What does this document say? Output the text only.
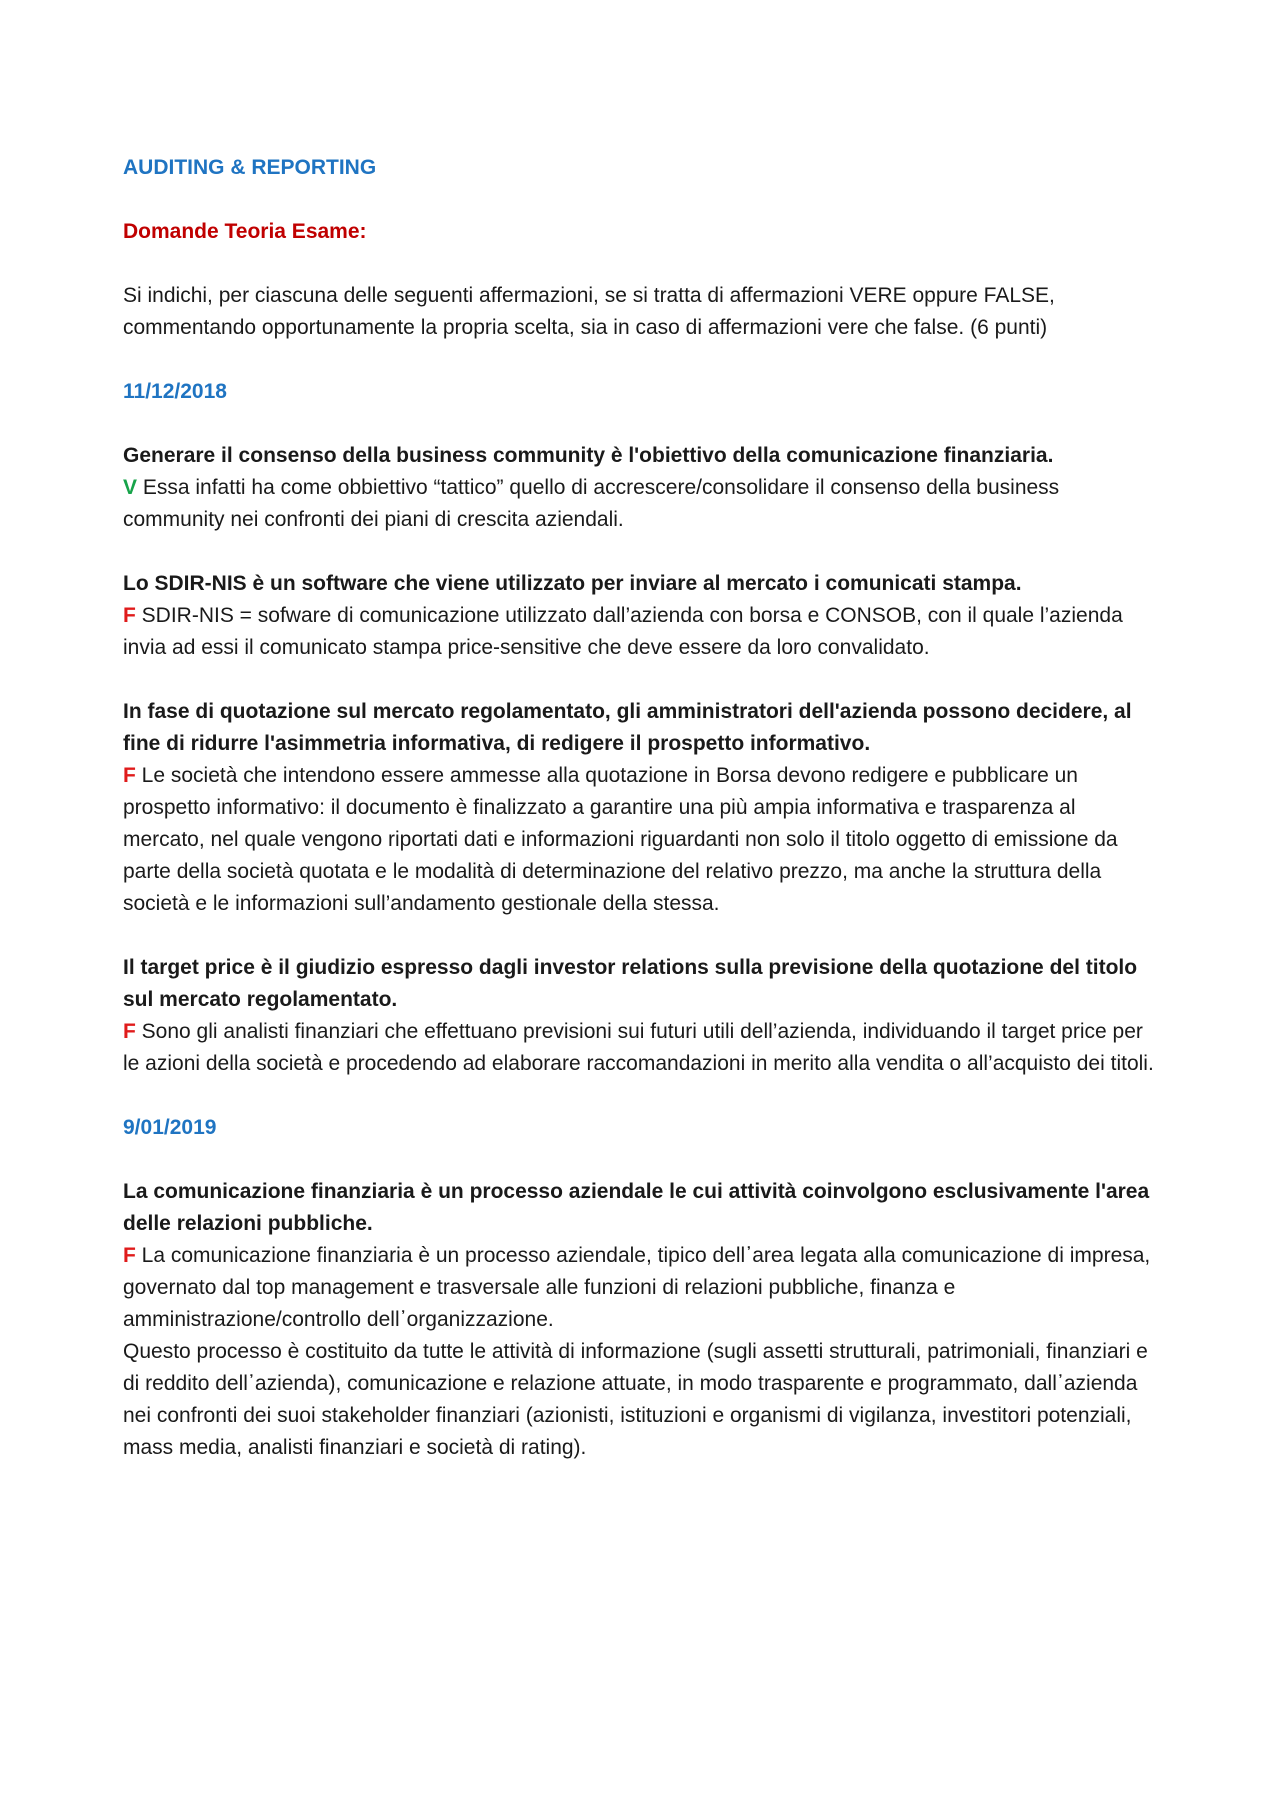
AUDITING & REPORTING
Domande Teoria Esame:

Si indichi, per ciascuna delle seguenti affermazioni, se si tratta di affermazioni VERE oppure FALSE, commentando opportunamente la propria scelta, sia in caso di affermazioni vere che false. (6 punti)

11/12/2018

Generare il consenso della business community è l'obiettivo della comunicazione finanziaria.

V Essa infatti ha come obbiettivo “tattico” quello di accrescere/consolidare il consenso della business community nei confronti dei piani di crescita aziendali.

Lo SDIR-NIS è un software che viene utilizzato per inviare al mercato i comunicati stampa.

F SDIR-NIS = sofware di comunicazione utilizzato dall’azienda con borsa e CONSOB, con il quale l’azienda invia ad essi il comunicato stampa price-sensitive che deve essere da loro convalidato.

In fase di quotazione sul mercato regolamentato, gli amministratori dell'azienda possono decidere, al fine di ridurre l'asimmetria informativa, di redigere il prospetto informativo.

F Le società che intendono essere ammesse alla quotazione in Borsa devono redigere e pubblicare un prospetto informativo: il documento è finalizzato a garantire una più ampia informativa e trasparenza al mercato, nel quale vengono riportati dati e informazioni riguardanti non solo il titolo oggetto di emissione da parte della società quotata e le modalità di determinazione del relativo prezzo, ma anche la struttura della società e le informazioni sull’andamento gestionale della stessa.

Il target price è il giudizio espresso dagli investor relations sulla previsione della quotazione del titolo sul mercato regolamentato.

F Sono gli analisti finanziari che effettuano previsioni sui futuri utili dell’azienda, individuando il target price per le azioni della società e procedendo ad elaborare raccomandazioni in merito alla vendita o all’acquisto dei titoli.

9/01/2019

La comunicazione finanziaria è un processo aziendale le cui attività coinvolgono esclusivamente l'area delle relazioni pubbliche.

F La comunicazione finanziaria è un processo aziendale, tipico dell᾿area legata alla comunicazione di impresa, governato dal top management e trasversale alle funzioni di relazioni pubbliche, finanza e amministrazione/controllo dell᾿organizzazione.

Questo processo è costituito da tutte le attività di informazione (sugli assetti strutturali, patrimoniali, finanziari e di reddito dell᾿azienda), comunicazione e relazione attuate, in modo trasparente e programmato, dall᾿azienda nei confronti dei suoi stakeholder finanziari (azionisti, istituzioni e organismi di vigilanza, investitori potenziali, mass media, analisti finanziari e società di rating).
